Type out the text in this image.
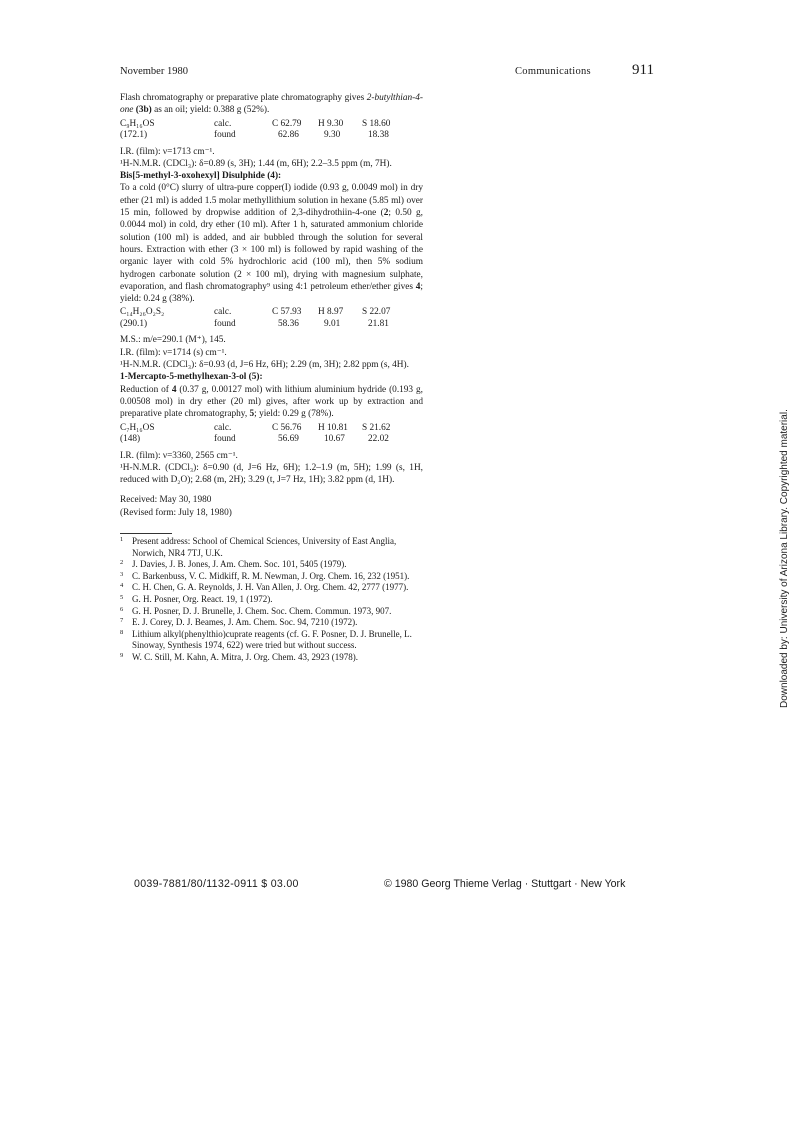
November 1980	Communications	911

Flash chromatography or preparative plate chromatography gives 2-butylthian-4-one (3b) as an oil; yield: 0.388 g (52%).

C₉H₁₆OS	calc.	C 62.79	H 9.30	S 18.60
(172.1)	found	62.86	9.30	18.38

I.R. (film): ν=1713 cm⁻¹.

¹H-N.M.R. (CDCl₃): δ=0.89 (s, 3H); 1.44 (m, 6H); 2.2–3.5 ppm (m, 7H).

Bis[5-methyl-3-oxohexyl] Disulphide (4):

To a cold (0°C) slurry of ultra-pure copper(I) iodide (0.93 g, 0.0049 mol) in dry ether (21 ml) is added 1.5 molar methyllithium solution in hexane (5.85 ml) over 15 min, followed by dropwise addition of 2,3-dihydrothiin-4-one (2; 0.50 g, 0.0044 mol) in cold, dry ether (10 ml). After 1 h, saturated ammonium chloride solution (100 ml) is added, and air bubbled through the solution for several hours. Extraction with ether (3 × 100 ml) is followed by rapid washing of the organic layer with cold 5% hydrochloric acid (100 ml), then 5% sodium hydrogen carbonate solution (2 × 100 ml), drying with magnesium sulphate, evaporation, and flash chromatography⁹ using 4:1 petroleum ether/ether gives 4; yield: 0.24 g (38%).

C₁₄H₂₆O₂S₂	calc.	C 57.93	H 8.97	S 22.07
(290.1)	found	58.36	9.01	21.81

M.S.: m/e=290.1 (M⁺), 145.

I.R. (film): ν=1714 (s) cm⁻¹.

¹H-N.M.R. (CDCl₃): δ=0.93 (d, J=6 Hz, 6H); 2.29 (m, 3H); 2.82 ppm (s, 4H).

1-Mercapto-5-methylhexan-3-ol (5):

Reduction of 4 (0.37 g, 0.00127 mol) with lithium aluminium hydride (0.193 g, 0.00508 mol) in dry ether (20 ml) gives, after work up by extraction and preparative plate chromatography, 5; yield: 0.29 g (78%).

C₇H₁₆OS	calc.	C 56.76	H 10.81	S 21.62
(148)	found	56.69	10.67	22.02

I.R. (film): ν=3360, 2565 cm⁻¹.

¹H-N.M.R. (CDCl₃): δ=0.90 (d, J=6 Hz, 6H); 1.2–1.9 (m, 5H); 1.99 (s, 1H, reduced with D₂O); 2.68 (m, 2H); 3.29 (t, J=7 Hz, 1H); 3.82 ppm (d, 1H).

Received: May 30, 1980

(Revised form: July 18, 1980)

1 Present address: School of Chemical Sciences, University of East Anglia, Norwich, NR4 7TJ, U.K.
2 J. Davies, J. B. Jones, J. Am. Chem. Soc. 101, 5405 (1979).
3 C. Barkenbuss, V. C. Midkiff, R. M. Newman, J. Org. Chem. 16, 232 (1951).
4 C. H. Chen, G. A. Reynolds, J. H. Van Allen, J. Org. Chem. 42, 2777 (1977).
5 G. H. Posner, Org. React. 19, 1 (1972).
6 G. H. Posner, D. J. Brunelle, J. Chem. Soc. Chem. Commun. 1973, 907.
7 E. J. Corey, D. J. Beames, J. Am. Chem. Soc. 94, 7210 (1972).
8 Lithium alkyl(phenylthio)cuprate reagents (cf. G. F. Posner, D. J. Brunelle, L. Sinoway, Synthesis 1974, 622) were tried but without success.
9 W. C. Still, M. Kahn, A. Mitra, J. Org. Chem. 43, 2923 (1978).
0039-7881/80/1132-0911 $ 03.00	© 1980 Georg Thieme Verlag · Stuttgart · New York
Downloaded by: University of Arizona Library. Copyrighted material.
